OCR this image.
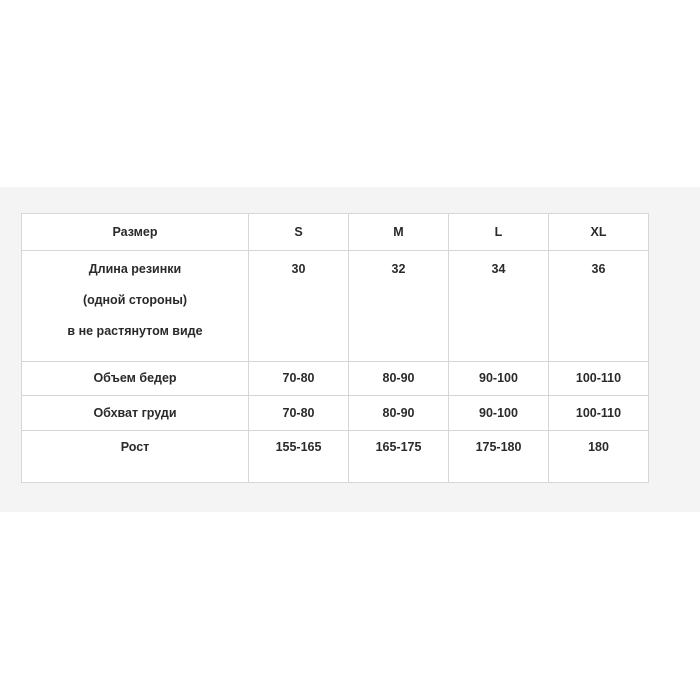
Размер	S	M	L	XL

Длина резинки
(одной стороны)
в не растянутом виде	30	32	34	36

Объем бедер	70-80	80-90	90-100	100-110
Обхват груди	70-80	80-90	90-100	100-110
Рост	155-165	165-175	175-180	180
